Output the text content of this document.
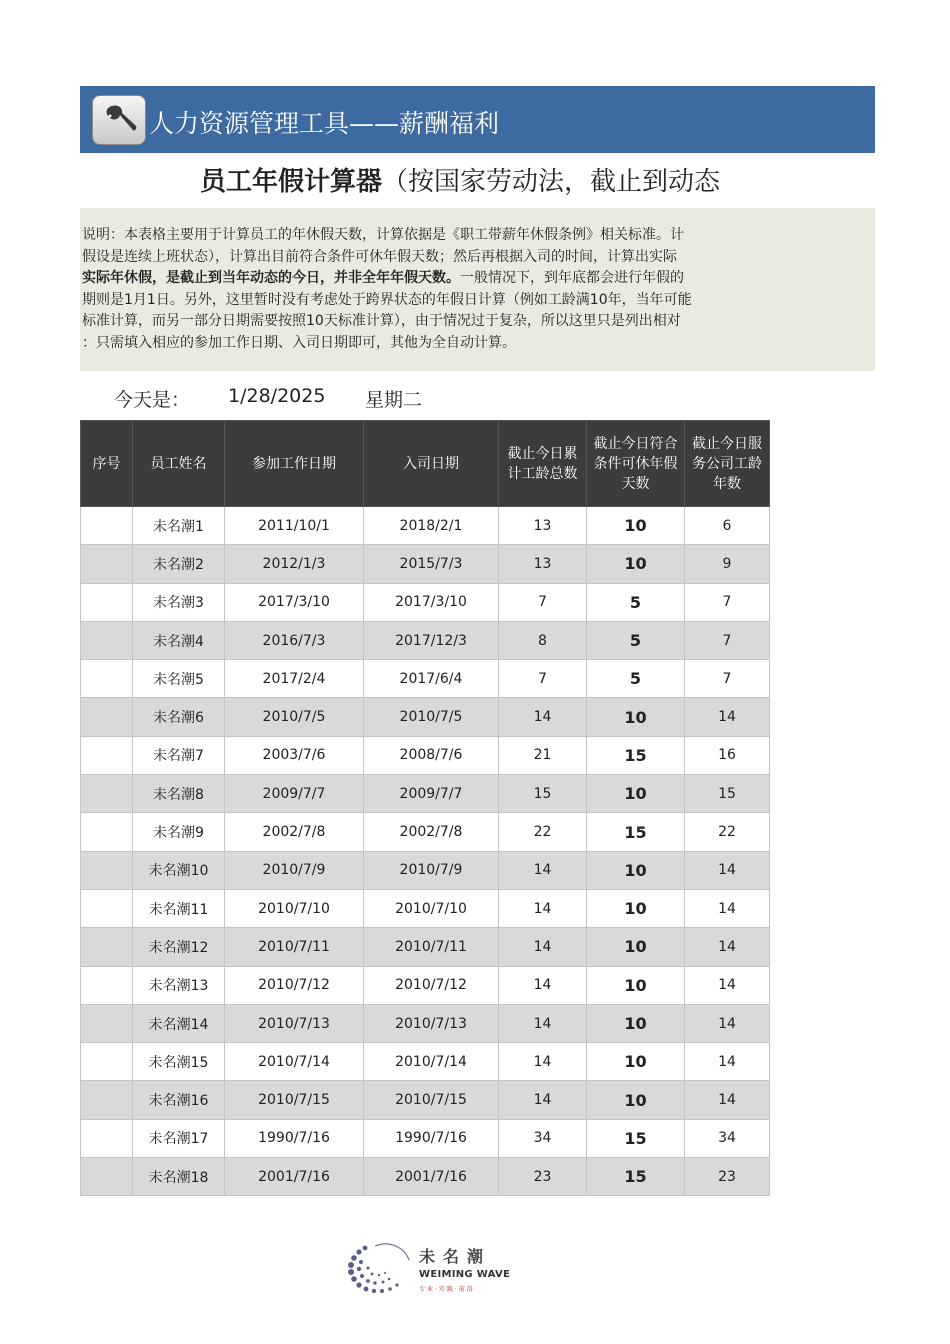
人力资源管理工具——薪酬福利
员工年假计算器（按国家劳动法，截止到动态
说明：本表格主要用于计算员工的年休假天数，计算依据是《职工带薪年休假条例》相关标准。计
假设是连续上班状态），计算出目前符合条件可休年假天数；然后再根据入司的时间，计算出实际
实际年休假，是截止到当年动态的今日，并非全年年假天数。一般情况下，到年底都会进行年假的
期则是1月1日。另外，这里暂时没有考虑处于跨界状态的年假日计算（例如工龄满10年，当年可能
标准计算，而另一部分日期需要按照10天标准计算），由于情况过于复杂，所以这里只是列出相对
：只需填入相应的参加工作日期、入司日期即可，其他为全自动计算。
今天是： 1/28/2025 星期二
序号	员工姓名	参加工作日期	入司日期	截止今日累计工龄总数	截止今日符合条件可休年假天数	截止今日服务公司工龄年数
	未名潮1	2011/10/1	2018/2/1	13	10	6
	未名潮2	2012/1/3	2015/7/3	13	10	9
	未名潮3	2017/3/10	2017/3/10	7	5	7
	未名潮4	2016/7/3	2017/12/3	8	5	7
	未名潮5	2017/2/4	2017/6/4	7	5	7
	未名潮6	2010/7/5	2010/7/5	14	10	14
	未名潮7	2003/7/6	2008/7/6	21	15	16
	未名潮8	2009/7/7	2009/7/7	15	10	15
	未名潮9	2002/7/8	2002/7/8	22	15	22
	未名潮10	2010/7/9	2010/7/9	14	10	14
	未名潮11	2010/7/10	2010/7/10	14	10	14
	未名潮12	2010/7/11	2010/7/11	14	10	14
	未名潮13	2010/7/12	2010/7/12	14	10	14
	未名潮14	2010/7/13	2010/7/13	14	10	14
	未名潮15	2010/7/14	2010/7/14	14	10	14
	未名潮16	2010/7/15	2010/7/15	14	10	14
	未名潮17	1990/7/16	1990/7/16	34	15	34
	未名潮18	2001/7/16	2001/7/16	23	15	23
未名潮
WEIMING WAVE
专业·实践·前沿
